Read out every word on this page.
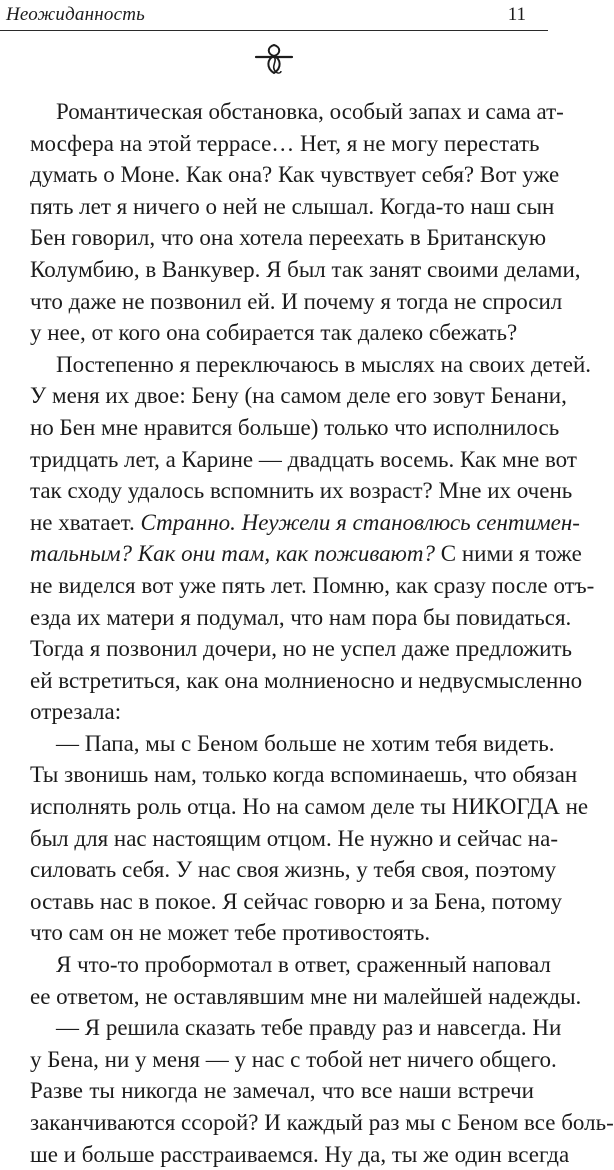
Неожиданность	11
Романтическая обстановка, особый запах и сама ат-
мосфера на этой террасе… Нет, я не могу перестать
думать о Моне. Как она? Как чувствует себя? Вот уже
пять лет я ничего о ней не слышал. Когда-то наш сын
Бен говорил, что она хотела переехать в Британскую
Колумбию, в Ванкувер. Я был так занят своими делами,
что даже не позвонил ей. И почему я тогда не спросил
у нее, от кого она собирается так далеко сбежать?
Постепенно я переключаюсь в мыслях на своих детей.
У меня их двое: Бену (на самом деле его зовут Бенани,
но Бен мне нравится больше) только что исполнилось
тридцать лет, а Карине — двадцать восемь. Как мне вот
так сходу удалось вспомнить их возраст? Мне их очень
не хватает. Странно. Неужели я становлюсь сентимен-
тальным? Как они там, как поживают? С ними я тоже
не виделся вот уже пять лет. Помню, как сразу после отъ-
езда их матери я подумал, что нам пора бы повидаться.
Тогда я позвонил дочери, но не успел даже предложить
ей встретиться, как она молниеносно и недвусмысленно
отрезала:
— Папа, мы с Беном больше не хотим тебя видеть.
Ты звонишь нам, только когда вспоминаешь, что обязан
исполнять роль отца. Но на самом деле ты НИКОГДА не
был для нас настоящим отцом. Не нужно и сейчас на-
силовать себя. У нас своя жизнь, у тебя своя, поэтому
оставь нас в покое. Я сейчас говорю и за Бена, потому
что сам он не может тебе противостоять.
Я что-то пробормотал в ответ, сраженный наповал
ее ответом, не оставлявшим мне ни малейшей надежды.
— Я решила сказать тебе правду раз и навсегда. Ни
у Бена, ни у меня — у нас с тобой нет ничего общего.
Разве ты никогда не замечал, что все наши встречи
заканчиваются ссорой? И каждый раз мы с Беном все боль-
ше и больше расстраиваемся. Ну да, ты же один всегда
